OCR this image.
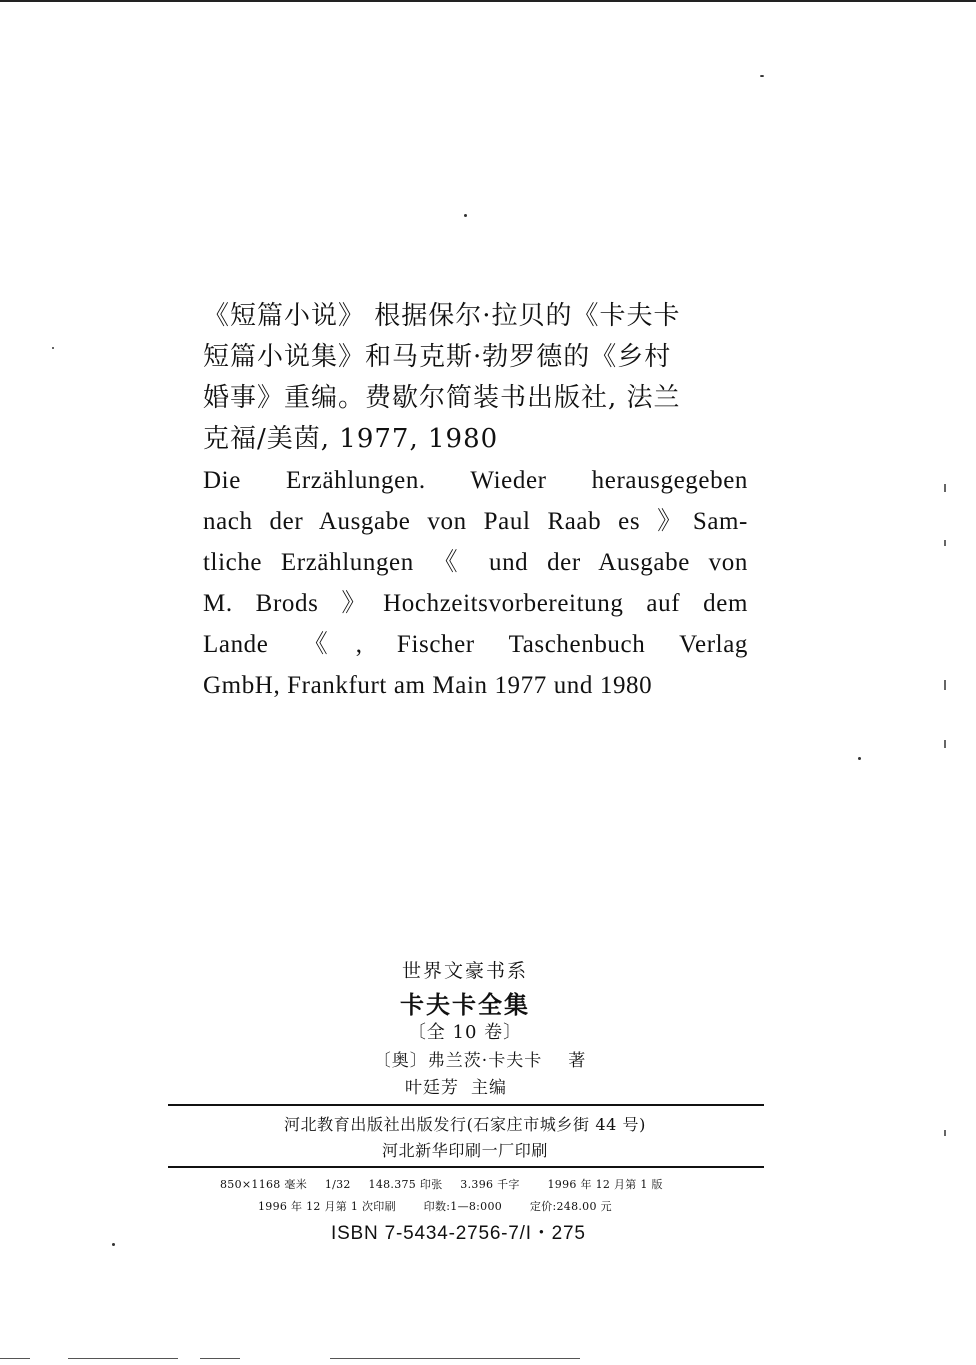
《短篇小说》 根据保尔·拉贝的《卡夫卡
短篇小说集》和马克斯·勃罗德的《乡村
婚事》重编。费歇尔简装书出版社, 法兰
克福/美茵, 1977, 1980
Die Erzählungen. Wieder herausgegeben
nach der Ausgabe von Paul Raab es 》Sam-
tliche Erzählungen 《 und der Ausgabe von
M. Brods 》Hochzeitsvorbereitung auf dem
Lande 《, Fischer Taschenbuch Verlag
GmbH, Frankfurt am Main 1977 und 1980
世界文豪书系
卡夫卡全集
〔全 10 卷〕
〔奥〕弗兰茨·卡夫卡 著
叶廷芳 主编
河北教育出版社出版发行(石家庄市城乡街 44 号)
河北新华印刷一厂印刷
850×1168 毫米 1/32 148.375 印张 3.396 千字	1996 年 12 月第 1 版
1996 年 12 月第 1 次印刷	印数:1—8:000	定价:248.00 元
ISBN 7-5434-2756-7/I・275
